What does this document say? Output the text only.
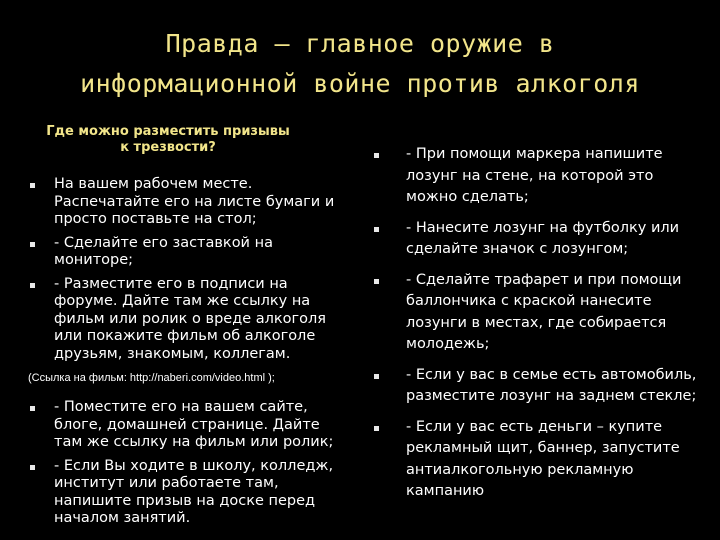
Правда – главное оружие в
информационной войне против алкоголя
Где можно разместить призывы
к трезвости?
На вашем рабочем месте. Распечатайте его на листе бумаги и просто поставьте на стол;
- Сделайте его заставкой на мониторе;
- Разместите его в подписи на форуме. Дайте там же ссылку на фильм или ролик о вреде алкоголя или покажите фильм об алкоголе друзьям, знакомым, коллегам.
(Ссылка на фильм: http://naberi.com/video.html );
- Поместите его на вашем сайте, блоге, домашней странице. Дайте там же ссылку на фильм или ролик;
- Если Вы ходите в школу, колледж, институт или работаете там, напишите призыв на доске перед началом занятий.
- При помощи маркера напишите лозунг на стене, на которой это можно сделать;
- Нанесите лозунг на футболку или сделайте значок с лозунгом;
- Сделайте трафарет и при помощи баллончика с краской нанесите лозунги в местах, где собирается молодежь;
- Если у вас в семье есть автомобиль, разместите лозунг на заднем стекле;
- Если у вас есть деньги – купите рекламный щит, баннер, запустите антиалкогольную рекламную кампанию
